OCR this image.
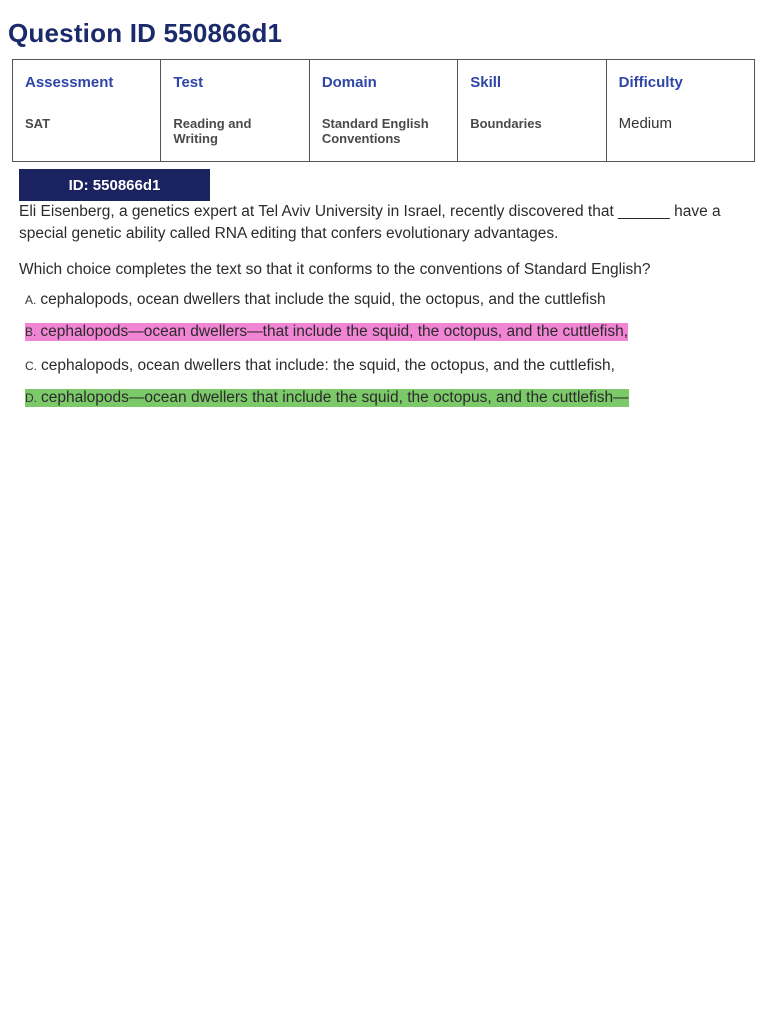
Question ID 550866d1
Assessment
SAT
Test
Reading and Writing
Domain
Standard English Conventions
Skill
Boundaries
Difficulty
Medium
ID: 550866d1
Eli Eisenberg, a genetics expert at Tel Aviv University in Israel, recently discovered that ______ have a special genetic ability called RNA editing that confers evolutionary advantages.
Which choice completes the text so that it conforms to the conventions of Standard English?
A. cephalopods, ocean dwellers that include the squid, the octopus, and the cuttlefish
B. cephalopods—ocean dwellers—that include the squid, the octopus, and the cuttlefish,
C. cephalopods, ocean dwellers that include: the squid, the octopus, and the cuttlefish,
D. cephalopods—ocean dwellers that include the squid, the octopus, and the cuttlefish—
